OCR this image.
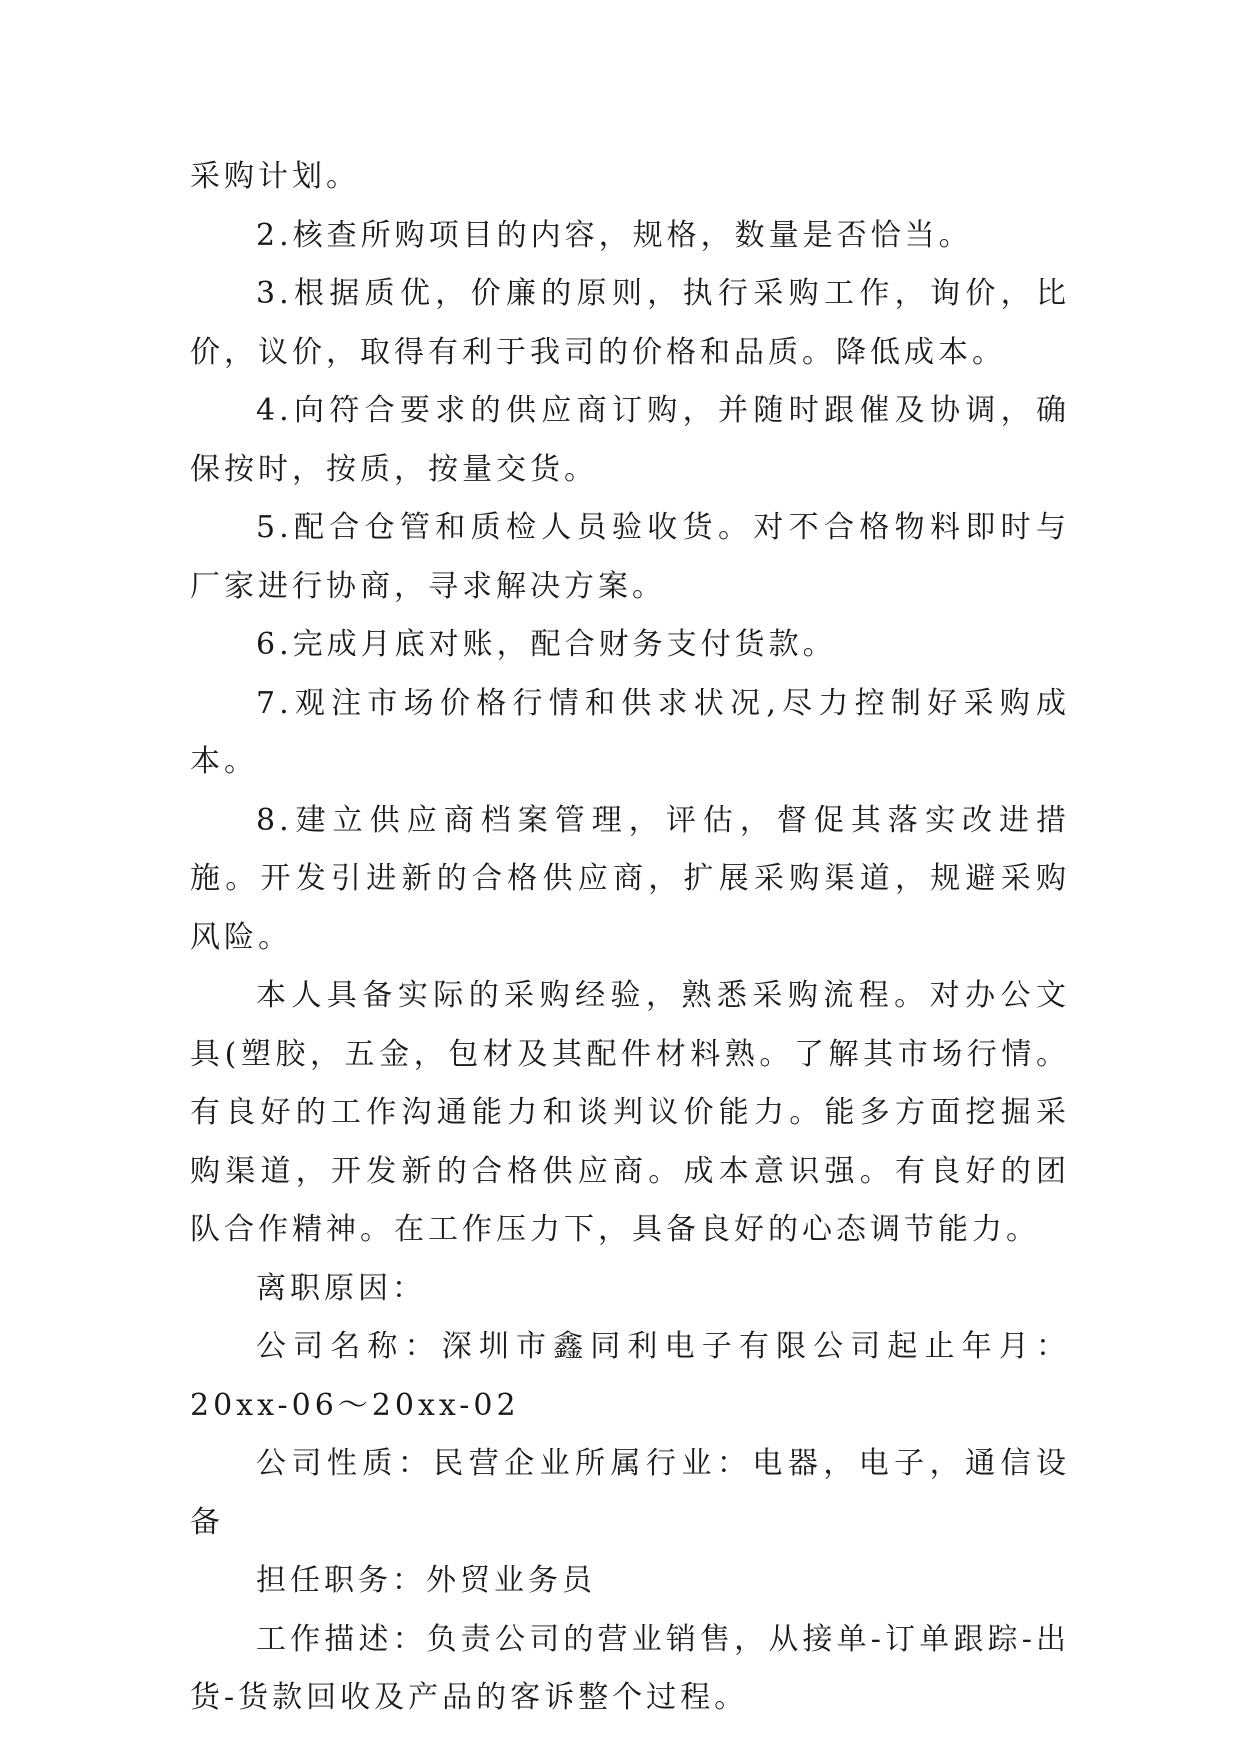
采购计划。

2.核查所购项目的内容，规格，数量是否恰当。

3.根据质优，价廉的原则，执行采购工作，询价，比价，议价，取得有利于我司的价格和品质。降低成本。

4.向符合要求的供应商订购，并随时跟催及协调，确保按时，按质，按量交货。

5.配合仓管和质检人员验收货。对不合格物料即时与厂家进行协商，寻求解决方案。

6.完成月底对账，配合财务支付货款。

7.观注市场价格行情和供求状况,尽力控制好采购成本。

8.建立供应商档案管理，评估，督促其落实改进措施。开发引进新的合格供应商，扩展采购渠道，规避采购风险。

本人具备实际的采购经验，熟悉采购流程。对办公文具(塑胶，五金，包材及其配件材料熟。了解其市场行情。有良好的工作沟通能力和谈判议价能力。能多方面挖掘采购渠道，开发新的合格供应商。成本意识强。有良好的团队合作精神。在工作压力下，具备良好的心态调节能力。

离职原因：

公司名称：深圳市鑫同利电子有限公司起止年月：20xx-06～20xx-02

公司性质：民营企业所属行业：电器，电子，通信设备

担任职务：外贸业务员

工作描述：负责公司的营业销售，从接单-订单跟踪-出货-货款回收及产品的客诉整个过程。
